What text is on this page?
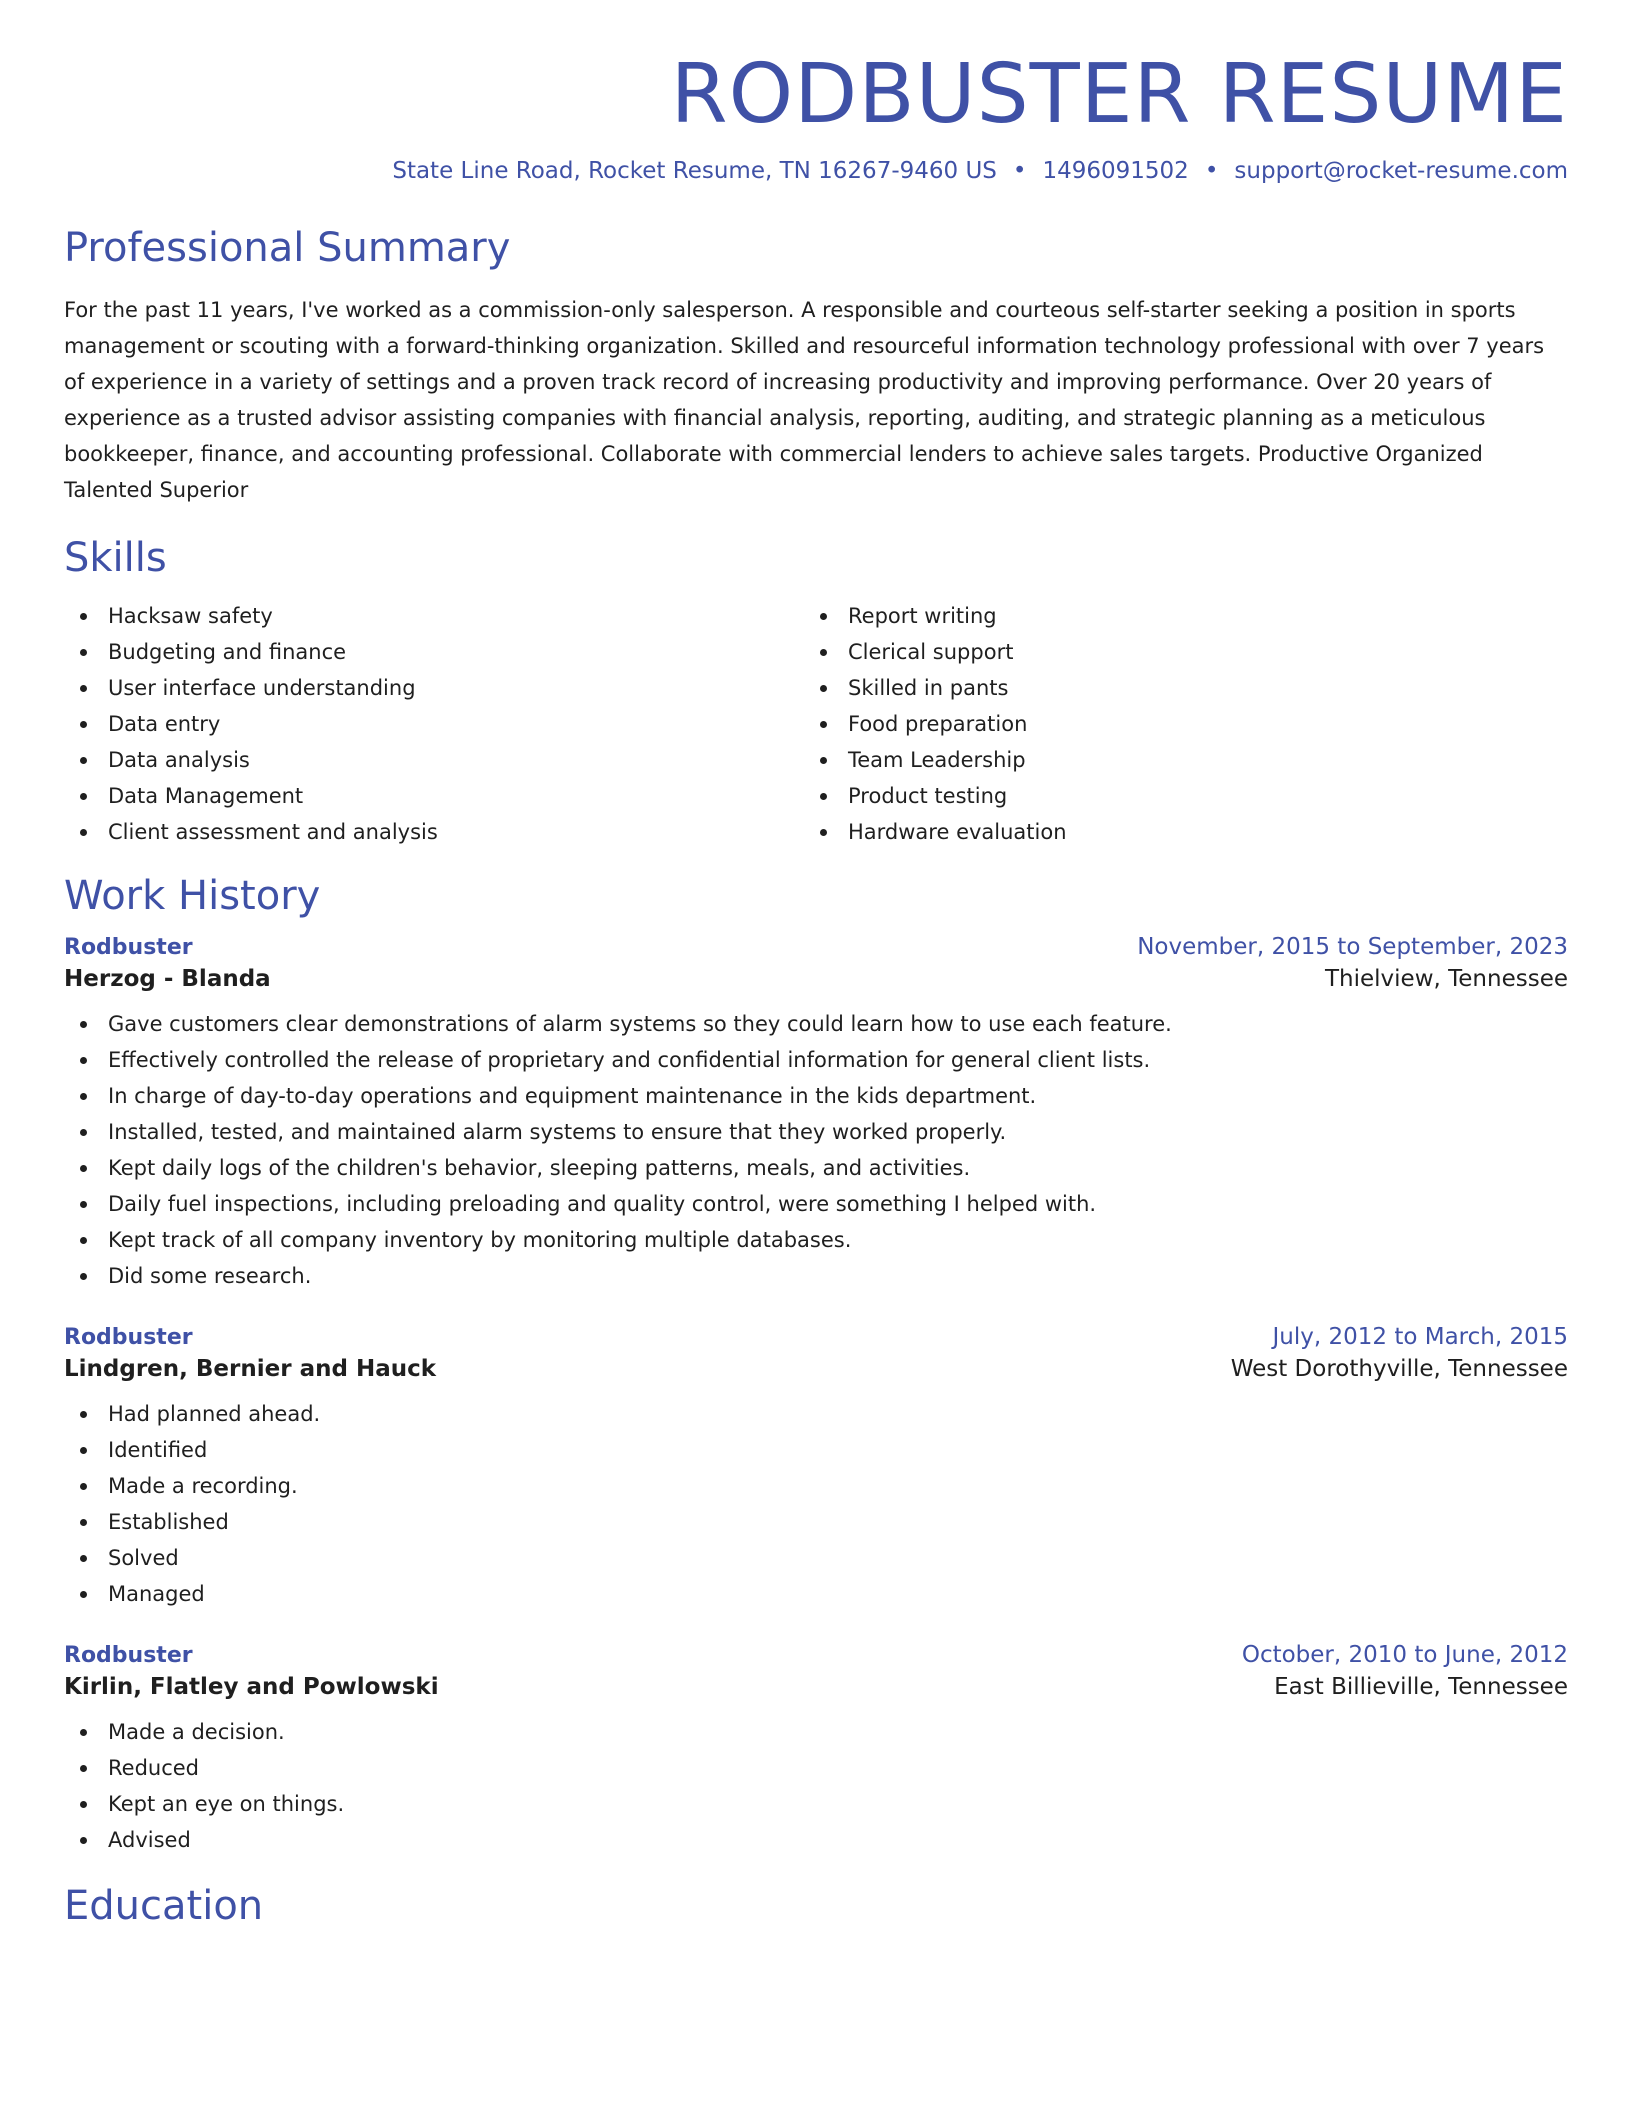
RODBUSTER RESUME
State Line Road, Rocket Resume, TN 16267-9460 US • 1496091502 • support@rocket-resume.com
Professional Summary

For the past 11 years, I've worked as a commission-only salesperson. A responsible and courteous self-starter seeking a position in sports management or scouting with a forward-thinking organization. Skilled and resourceful information technology professional with over 7 years of experience in a variety of settings and a proven track record of increasing productivity and improving performance. Over 20 years of experience as a trusted advisor assisting companies with financial analysis, reporting, auditing, and strategic planning as a meticulous bookkeeper, finance, and accounting professional. Collaborate with commercial lenders to achieve sales targets. Productive Organized Talented Superior

Skills
Hacksaw safety
Budgeting and finance
User interface understanding
Data entry
Data analysis
Data Management
Client assessment and analysis
Report writing
Clerical support
Skilled in pants
Food preparation
Team Leadership
Product testing
Hardware evaluation
Work History
Rodbuster	November, 2015 to September, 2023
Herzog - Blanda	Thielview, Tennessee
Gave customers clear demonstrations of alarm systems so they could learn how to use each feature.
Effectively controlled the release of proprietary and confidential information for general client lists.
In charge of day-to-day operations and equipment maintenance in the kids department.
Installed, tested, and maintained alarm systems to ensure that they worked properly.
Kept daily logs of the children's behavior, sleeping patterns, meals, and activities.
Daily fuel inspections, including preloading and quality control, were something I helped with.
Kept track of all company inventory by monitoring multiple databases.
Did some research.
Rodbuster	July, 2012 to March, 2015
Lindgren, Bernier and Hauck	West Dorothyville, Tennessee
Had planned ahead.
Identified
Made a recording.
Established
Solved
Managed
Rodbuster	October, 2010 to June, 2012
Kirlin, Flatley and Powlowski	East Billieville, Tennessee
Made a decision.
Reduced
Kept an eye on things.
Advised
Education
